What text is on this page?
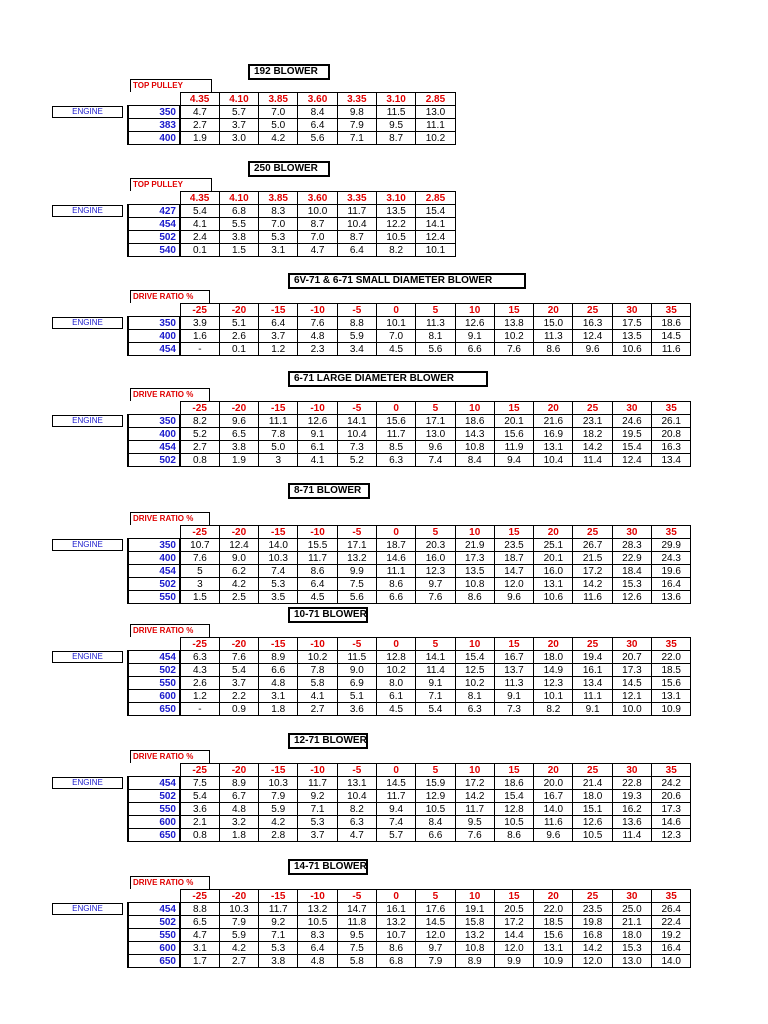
192 BLOWER
TOP PULLEY
		4.35	4.10	3.85	3.60	3.35	3.10	2.85

ENGINE	350	4.7	5.7	7.0	8.4	9.8	11.5	13.0
	383	2.7	3.7	5.0	6.4	7.9	9.5	11.1
	400	1.9	3.0	4.2	5.6	7.1	8.7	10.2
250 BLOWER
TOP PULLEY
		4.35	4.10	3.85	3.60	3.35	3.10	2.85

ENGINE	427	5.4	6.8	8.3	10.0	11.7	13.5	15.4
	454	4.1	5.5	7.0	8.7	10.4	12.2	14.1
	502	2.4	3.8	5.3	7.0	8.7	10.5	12.4
	540	0.1	1.5	3.1	4.7	6.4	8.2	10.1
6V-71 & 6-71 SMALL DIAMETER BLOWER
DRIVE RATIO %
		-25	-20	-15	-10	-5	0	5	10	15	20	25	30	35

ENGINE	350	3.9	5.1	6.4	7.6	8.8	10.1	11.3	12.6	13.8	15.0	16.3	17.5	18.6
	400	1.6	2.6	3.7	4.8	5.9	7.0	8.1	9.1	10.2	11.3	12.4	13.5	14.5
	454	-	0.1	1.2	2.3	3.4	4.5	5.6	6.6	7.6	8.6	9.6	10.6	11.6
6-71 LARGE DIAMETER BLOWER
DRIVE RATIO %
		-25	-20	-15	-10	-5	0	5	10	15	20	25	30	35

ENGINE	350	8.2	9.6	11.1	12.6	14.1	15.6	17.1	18.6	20.1	21.6	23.1	24.6	26.1
	400	5.2	6.5	7.8	9.1	10.4	11.7	13.0	14.3	15.6	16.9	18.2	19.5	20.8
	454	2.7	3.8	5.0	6.1	7.3	8.5	9.6	10.8	11.9	13.1	14.2	15.4	16.3
	502	0.8	1.9	3	4.1	5.2	6.3	7.4	8.4	9.4	10.4	11.4	12.4	13.4
8-71 BLOWER
DRIVE RATIO %
		-25	-20	-15	-10	-5	0	5	10	15	20	25	30	35

ENGINE	350	10.7	12.4	14.0	15.5	17.1	18.7	20.3	21.9	23.5	25.1	26.7	28.3	29.9
	400	7.6	9.0	10.3	11.7	13.2	14.6	16.0	17.3	18.7	20.1	21.5	22.9	24.3
	454	5	6.2	7.4	8.6	9.9	11.1	12.3	13.5	14.7	16.0	17.2	18.4	19.6
	502	3	4.2	5.3	6.4	7.5	8.6	9.7	10.8	12.0	13.1	14.2	15.3	16.4
	550	1.5	2.5	3.5	4.5	5.6	6.6	7.6	8.6	9.6	10.6	11.6	12.6	13.6
10-71 BLOWER
DRIVE RATIO %
		-25	-20	-15	-10	-5	0	5	10	15	20	25	30	35

ENGINE	454	6.3	7.6	8.9	10.2	11.5	12.8	14.1	15.4	16.7	18.0	19.4	20.7	22.0
	502	4.3	5.4	6.6	7.8	9.0	10.2	11.4	12.5	13.7	14.9	16.1	17.3	18.5
	550	2.6	3.7	4.8	5.8	6.9	8.0	9.1	10.2	11.3	12.3	13.4	14.5	15.6
	600	1.2	2.2	3.1	4.1	5.1	6.1	7.1	8.1	9.1	10.1	11.1	12.1	13.1
	650	-	0.9	1.8	2.7	3.6	4.5	5.4	6.3	7.3	8.2	9.1	10.0	10.9
12-71 BLOWER
DRIVE RATIO %
		-25	-20	-15	-10	-5	0	5	10	15	20	25	30	35

ENGINE	454	7.5	8.9	10.3	11.7	13.1	14.5	15.9	17.2	18.6	20.0	21.4	22.8	24.2
	502	5.4	6.7	7.9	9.2	10.4	11.7	12.9	14.2	15.4	16.7	18.0	19.3	20.6
	550	3.6	4.8	5.9	7.1	8.2	9.4	10.5	11.7	12.8	14.0	15.1	16.2	17.3
	600	2.1	3.2	4.2	5.3	6.3	7.4	8.4	9.5	10.5	11.6	12.6	13.6	14.6
	650	0.8	1.8	2.8	3.7	4.7	5.7	6.6	7.6	8.6	9.6	10.5	11.4	12.3
14-71 BLOWER
DRIVE RATIO %
		-25	-20	-15	-10	-5	0	5	10	15	20	25	30	35

ENGINE	454	8.8	10.3	11.7	13.2	14.7	16.1	17.6	19.1	20.5	22.0	23.5	25.0	26.4
	502	6.5	7.9	9.2	10.5	11.8	13.2	14.5	15.8	17.2	18.5	19.8	21.1	22.4
	550	4.7	5.9	7.1	8.3	9.5	10.7	12.0	13.2	14.4	15.6	16.8	18.0	19.2
	600	3.1	4.2	5.3	6.4	7.5	8.6	9.7	10.8	12.0	13.1	14.2	15.3	16.4
	650	1.7	2.7	3.8	4.8	5.8	6.8	7.9	8.9	9.9	10.9	12.0	13.0	14.0
